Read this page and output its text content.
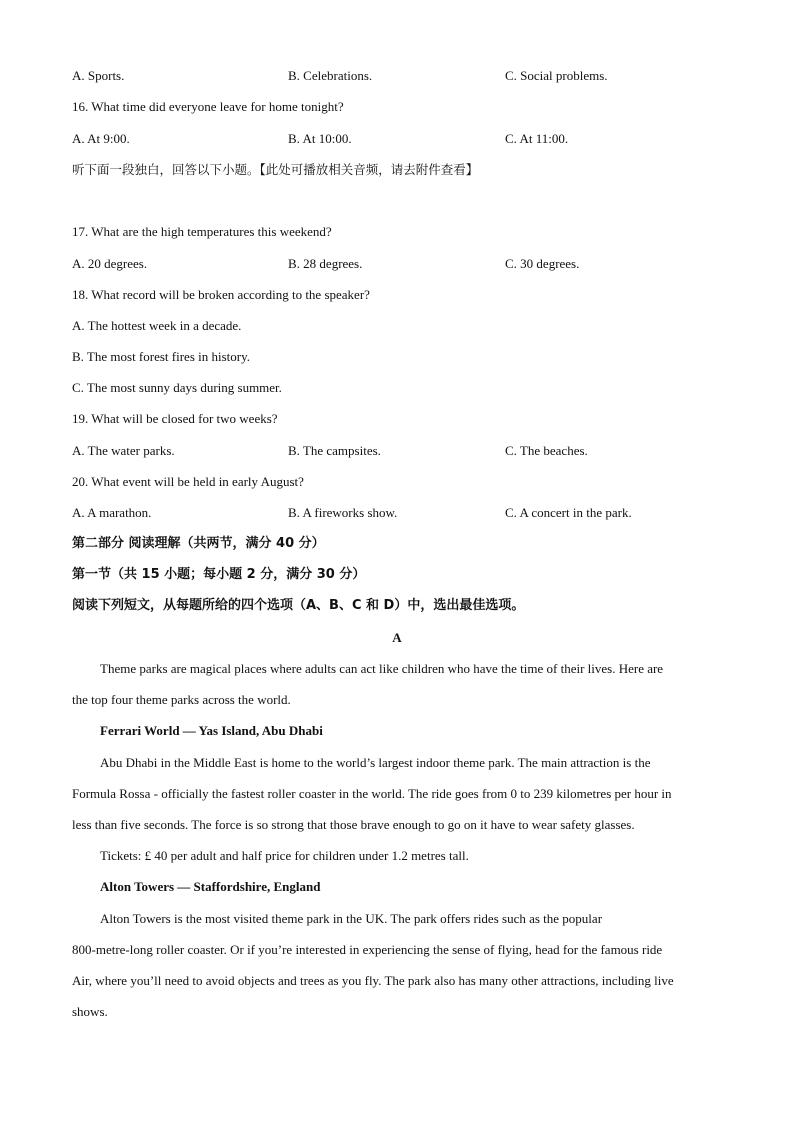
A. Sports.	B. Celebrations.	C. Social problems.
16. What time did everyone leave for home tonight?
A. At 9:00.	B. At 10:00.	C. At 11:00.
听下面一段独白，回答以下小题。【此处可播放相关音频，请去附件查看】
17. What are the high temperatures this weekend?
A. 20 degrees.	B. 28 degrees.	C. 30 degrees.
18. What record will be broken according to the speaker?
A. The hottest week in a decade.
B. The most forest fires in history.
C. The most sunny days during summer.
19. What will be closed for two weeks?
A. The water parks.	B. The campsites.	C. The beaches.
20. What event will be held in early August?
A. A marathon.	B. A fireworks show.	C. A concert in the park.
第二部分 阅读理解（共两节，满分 40 分）
第一节（共 15 小题；每小题 2 分，满分 30 分）
阅读下列短文，从每题所给的四个选项（A、B、C 和 D）中，选出最佳选项。
A
Theme parks are magical places where adults can act like children who have the time of their lives. Here are
the top four theme parks across the world.
Ferrari World — Yas Island, Abu Dhabi
Abu Dhabi in the Middle East is home to the world’s largest indoor theme park. The main attraction is the
Formula Rossa - officially the fastest roller coaster in the world. The ride goes from 0 to 239 kilometres per hour in
less than five seconds. The force is so strong that those brave enough to go on it have to wear safety glasses.
Tickets: £ 40 per adult and half price for children under 1.2 metres tall.
Alton Towers — Staffordshire, England
Alton Towers is the most visited theme park in the UK. The park offers rides such as the popular
800-metre-long roller coaster. Or if you’re interested in experiencing the sense of flying, head for the famous ride
Air, where you’ll need to avoid objects and trees as you fly. The park also has many other attractions, including live
shows.
